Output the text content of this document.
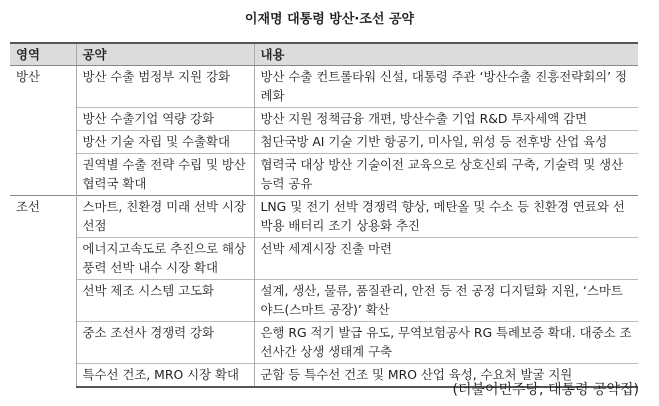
이재명 대통령 방산·조선 공약
영역	공약	내용
방산	방산 수출 범정부 지원 강화	방산 수출 컨트롤타워 신설, 대통령 주관 ‘방산수출 진흥전략회의’ 정례화
	방산 수출기업 역량 강화	방산 지원 정책금융 개편, 방산수출 기업 R&D 투자세액 감면
	방산 기술 자립 및 수출확대	첨단국방 AI 기술 기반 항공기, 미사일, 위성 등 전후방 산업 육성
	권역별 수출 전략 수립 및 방산협력국 확대	협력국 대상 방산 기술이전 교육으로 상호신뢰 구축, 기술력 및 생산능력 공유
조선	스마트, 친환경 미래 선박 시장 선점	LNG 및 전기 선박 경쟁력 향상, 메탄올 및 수소 등 친환경 연료와 선박용 배터리 조기 상용화 추진
	에너지고속도로 추진으로 해상풍력 선박 내수 시장 확대	선박 세계시장 진출 마련
	선박 제조 시스템 고도화	설계, 생산, 물류, 품질관리, 안전 등 전 공정 디지털화 지원, ‘스마트 야드(스마트 공장)’ 확산
	중소 조선사 경쟁력 강화	은행 RG 적기 발급 유도, 무역보험공사 RG 특례보증 확대. 대중소 조선사간 상생 생태계 구축
	특수선 건조, MRO 시장 확대	군함 등 특수선 건조 및 MRO 산업 육성, 수요처 발굴 지원
(더불어민주당, 대통령 공약집)
